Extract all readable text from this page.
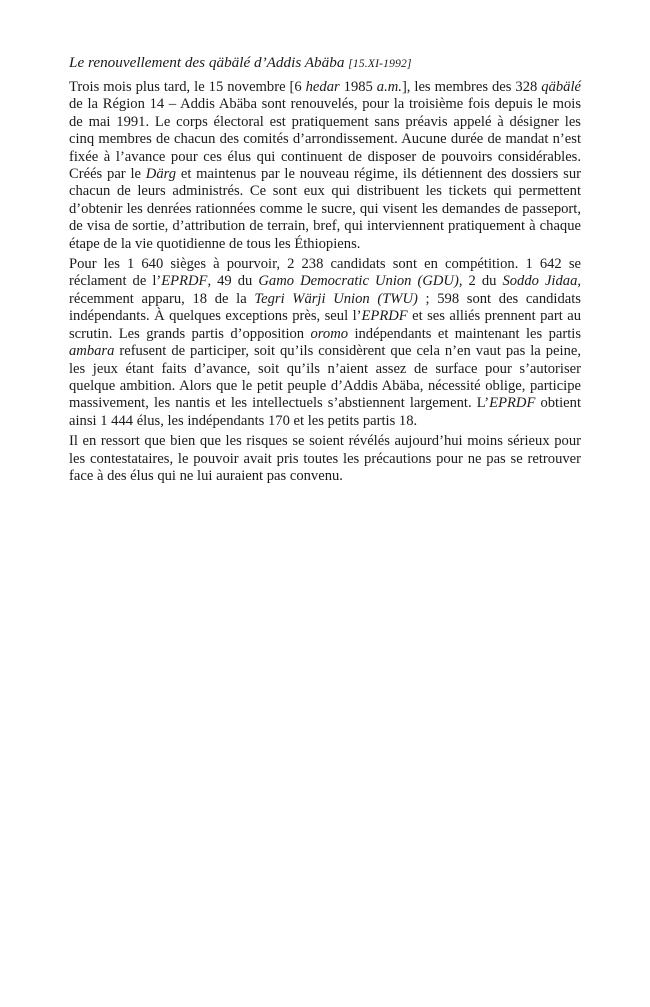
Le renouvellement des qäbälé d’Addis Abäba [15.XI-1992]

Trois mois plus tard, le 15 novembre [6 hedar 1985 a.m.], les membres des 328 qäbälé de la Région 14 – Addis Abäba sont renouvelés, pour la troisième fois depuis le mois de mai 1991. Le corps électoral est pratiquement sans préavis appelé à désigner les cinq membres de chacun des comités d’arrondissement. Aucune durée de mandat n’est fixée à l’avance pour ces élus qui continuent de disposer de pouvoirs considérables. Créés par le Därg et maintenus par le nouveau régime, ils détiennent des dossiers sur chacun de leurs administrés. Ce sont eux qui distribuent les tickets qui permettent d’obtenir les denrées rationnées comme le sucre, qui visent les demandes de passeport, de visa de sortie, d’attribution de terrain, bref, qui interviennent pratiquement à chaque étape de la vie quotidienne de tous les Éthiopiens.

Pour les 1 640 sièges à pourvoir, 2 238 candidats sont en compétition. 1 642 se réclament de l’EPRDF, 49 du Gamo Democratic Union (GDU), 2 du Soddo Jidaa, récemment apparu, 18 de la Tegri Wärji Union (TWU) ; 598 sont des candidats indépendants. À quelques exceptions près, seul l’EPRDF et ses alliés prennent part au scrutin. Les grands partis d’opposition oromo indépendants et maintenant les partis ambara refusent de participer, soit qu’ils considèrent que cela n’en vaut pas la peine, les jeux étant faits d’avance, soit qu’ils n’aient assez de surface pour s’autoriser quelque ambition. Alors que le petit peuple d’Addis Abäba, nécessité oblige, participe massivement, les nantis et les intellectuels s’abstiennent largement. L’EPRDF obtient ainsi 1 444 élus, les indépendants 170 et les petits partis 18.

Il en ressort que bien que les risques se soient révélés aujourd’hui moins sérieux pour les contestataires, le pouvoir avait pris toutes les précautions pour ne pas se retrouver face à des élus qui ne lui auraient pas convenu.
